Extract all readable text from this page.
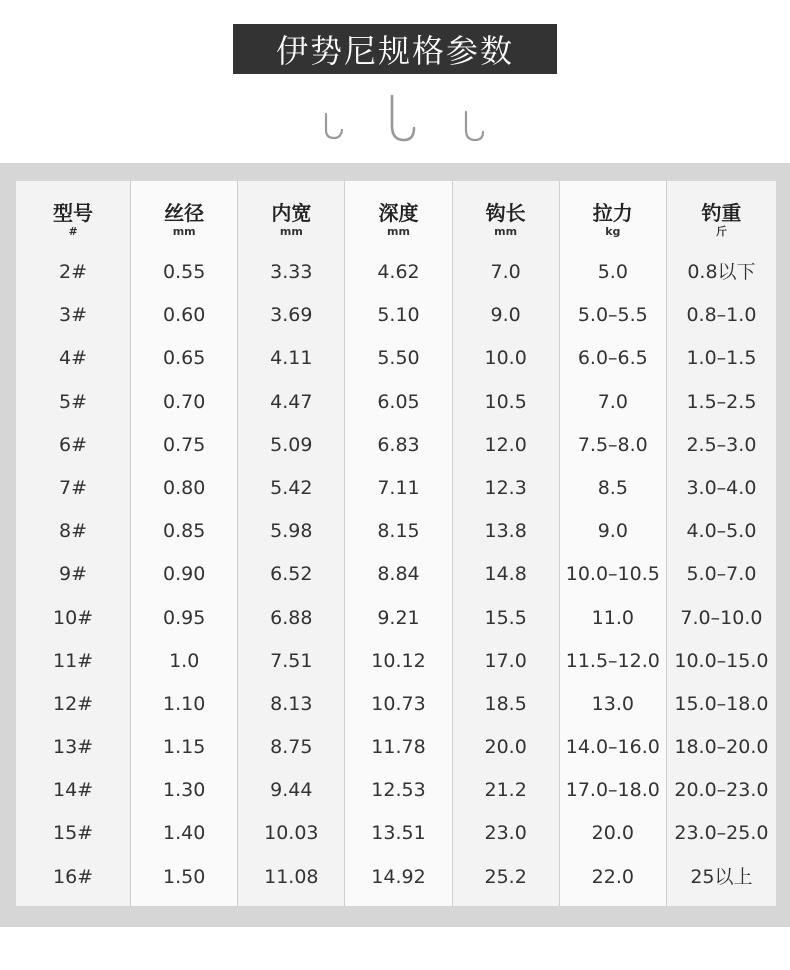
伊势尼规格参数
型号
#
2#
3#
4#
5#
6#
7#
8#
9#
10#
11#
12#
13#
14#
15#
16#
丝径
mm
0.55
0.60
0.65
0.70
0.75
0.80
0.85
0.90
0.95
1.0
1.10
1.15
1.30
1.40
1.50
内宽
mm
3.33
3.69
4.11
4.47
5.09
5.42
5.98
6.52
6.88
7.51
8.13
8.75
9.44
10.03
11.08
深度
mm
4.62
5.10
5.50
6.05
6.83
7.11
8.15
8.84
9.21
10.12
10.73
11.78
12.53
13.51
14.92
钩长
mm
7.0
9.0
10.0
10.5
12.0
12.3
13.8
14.8
15.5
17.0
18.5
20.0
21.2
23.0
25.2
拉力
kg
5.0
5.0–5.5
6.0–6.5
7.0
7.5–8.0
8.5
9.0
10.0–10.5
11.0
11.5–12.0
13.0
14.0–16.0
17.0–18.0
20.0
22.0
钓重
斤
0.8以下
0.8–1.0
1.0–1.5
1.5–2.5
2.5–3.0
3.0–4.0
4.0–5.0
5.0–7.0
7.0–10.0
10.0–15.0
15.0–18.0
18.0–20.0
20.0–23.0
23.0–25.0
25以上
